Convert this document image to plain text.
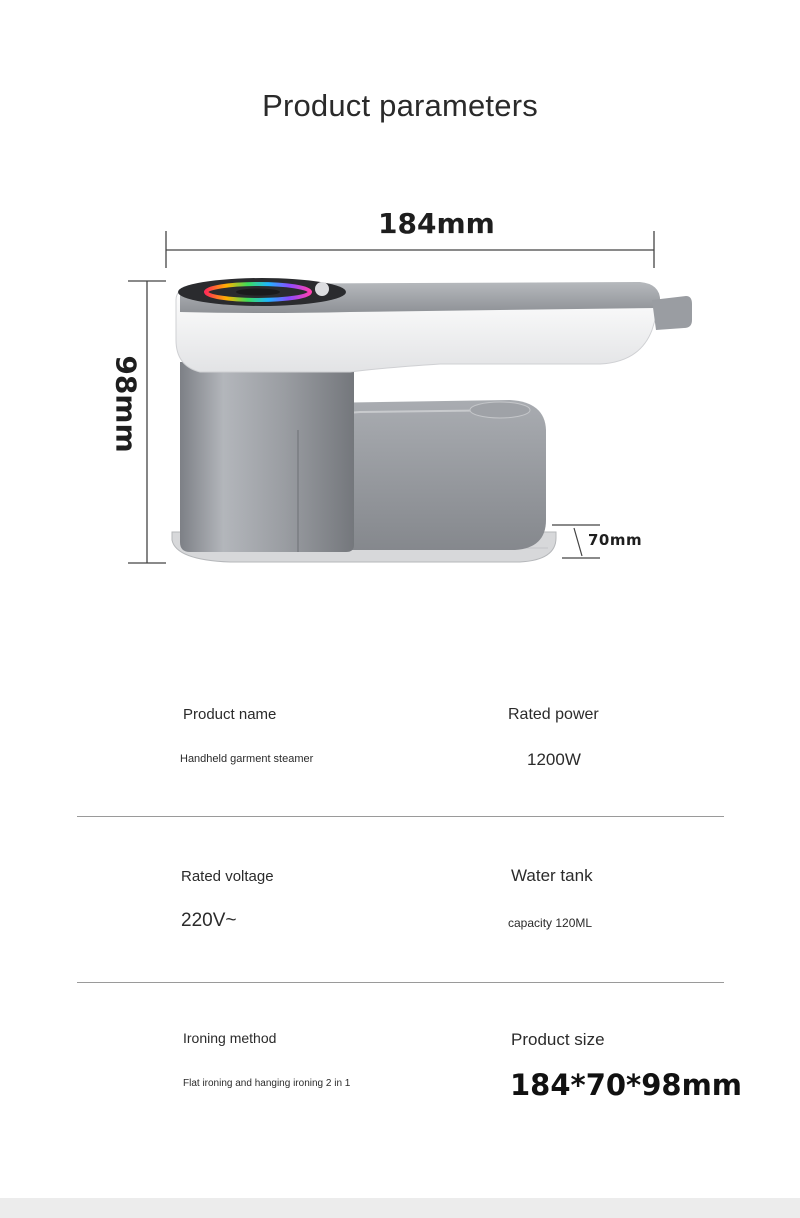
Product parameters
184mm
98mm
70mm
Product name
Handheld garment steamer
Rated power
1200W
Rated voltage
220V~
Water tank
capacity 120ML
Ironing method
Flat ironing and hanging ironing 2 in 1
Product size
184*70*98mm
